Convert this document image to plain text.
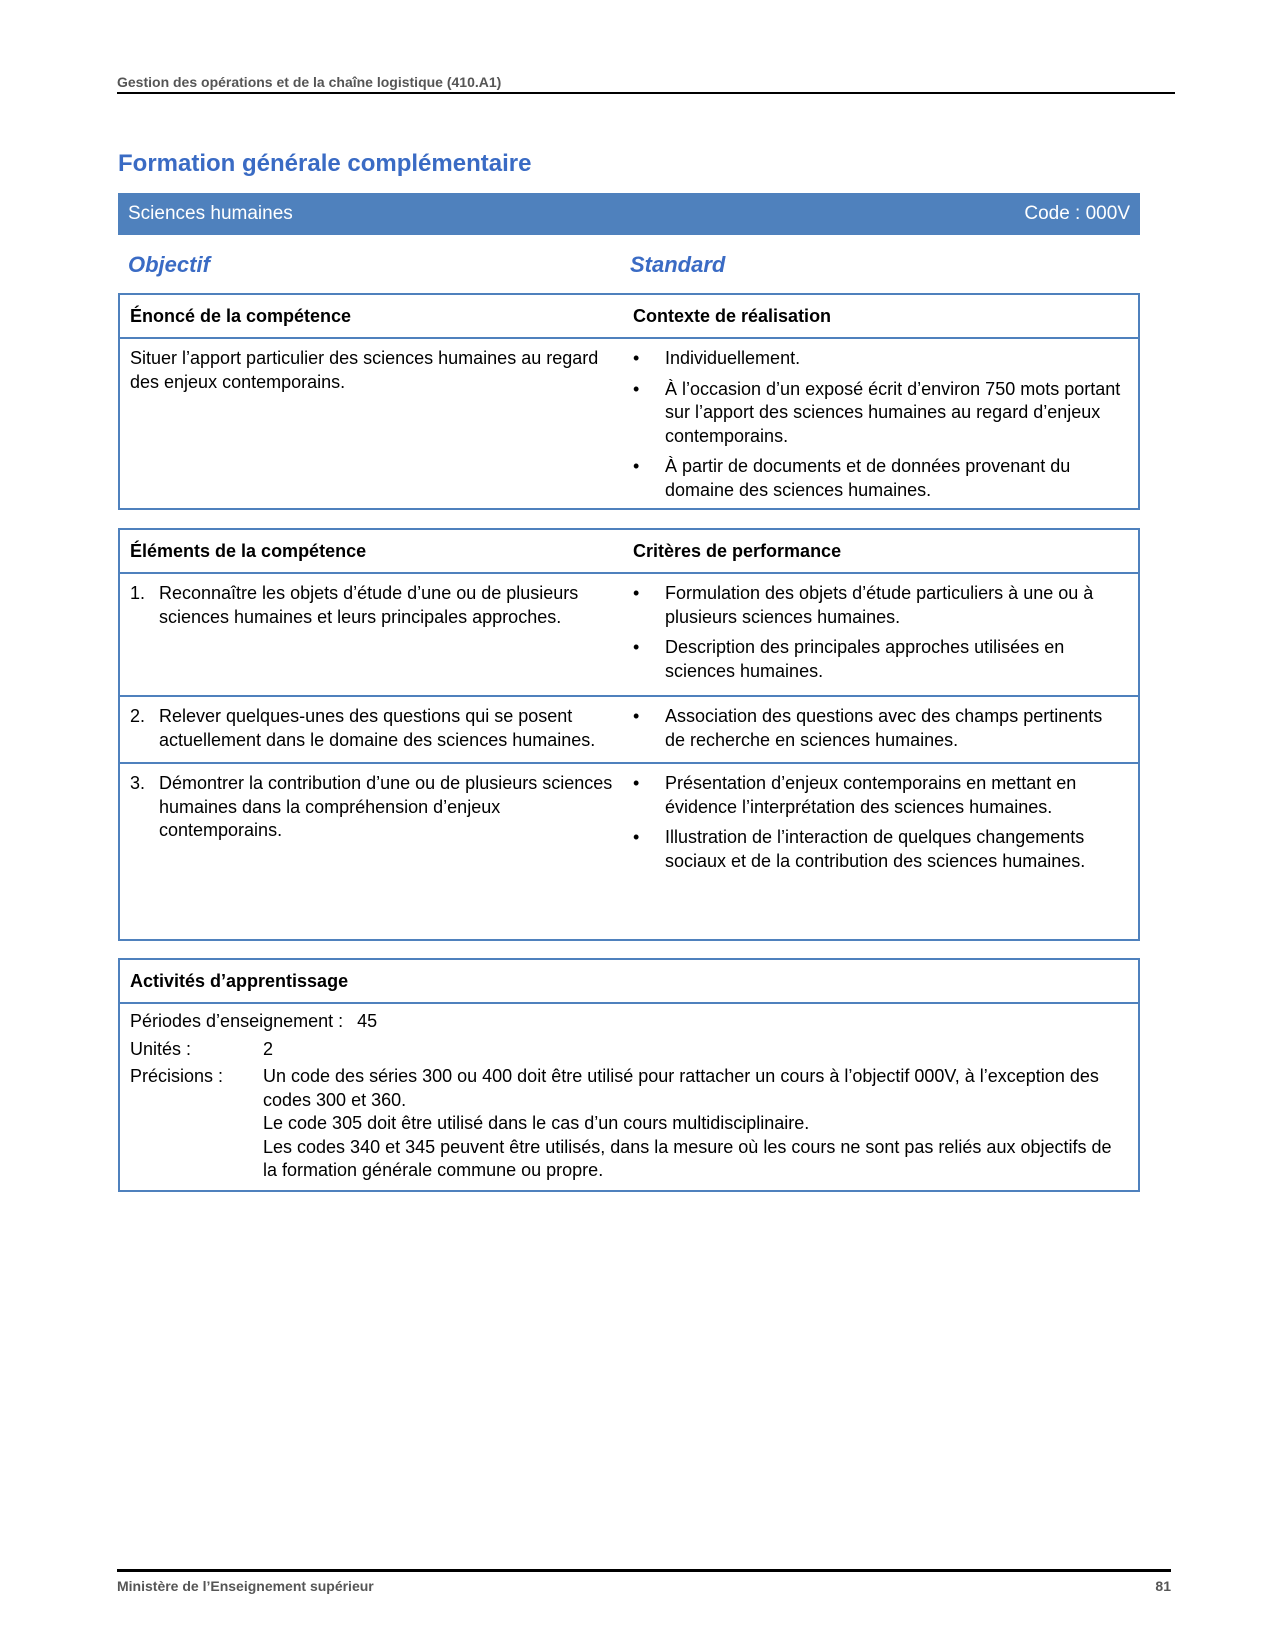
Gestion des opérations et de la chaîne logistique (410.A1)
Formation générale complémentaire
Sciences humaines	Code : 000V
Objectif	Standard
Énoncé de la compétence	Contexte de réalisation
Situer l’apport particulier des sciences humaines au regard des enjeux contemporains.
•	Individuellement.
•	À l’occasion d’un exposé écrit d’environ 750 mots portant sur l’apport des sciences humaines au regard d’enjeux contemporains.
•	À partir de documents et de données provenant du domaine des sciences humaines.
Éléments de la compétence	Critères de performance
1. Reconnaître les objets d’étude d’une ou de plusieurs sciences humaines et leurs principales approches.
•	Formulation des objets d’étude particuliers à une ou à plusieurs sciences humaines.
•	Description des principales approches utilisées en sciences humaines.
2. Relever quelques-unes des questions qui se posent actuellement dans le domaine des sciences humaines.
•	Association des questions avec des champs pertinents de recherche en sciences humaines.
3. Démontrer la contribution d’une ou de plusieurs sciences humaines dans la compréhension d’enjeux contemporains.
•	Présentation d’enjeux contemporains en mettant en évidence l’interprétation des sciences humaines.
•	Illustration de l’interaction de quelques changements sociaux et de la contribution des sciences humaines.
Activités d’apprentissage
Périodes d’enseignement : 45
Unités :	2
Précisions :	Un code des séries 300 ou 400 doit être utilisé pour rattacher un cours à l’objectif 000V, à l’exception des codes 300 et 360.
Le code 305 doit être utilisé dans le cas d’un cours multidisciplinaire.
Les codes 340 et 345 peuvent être utilisés, dans la mesure où les cours ne sont pas reliés aux objectifs de la formation générale commune ou propre.
Ministère de l’Enseignement supérieur	81
